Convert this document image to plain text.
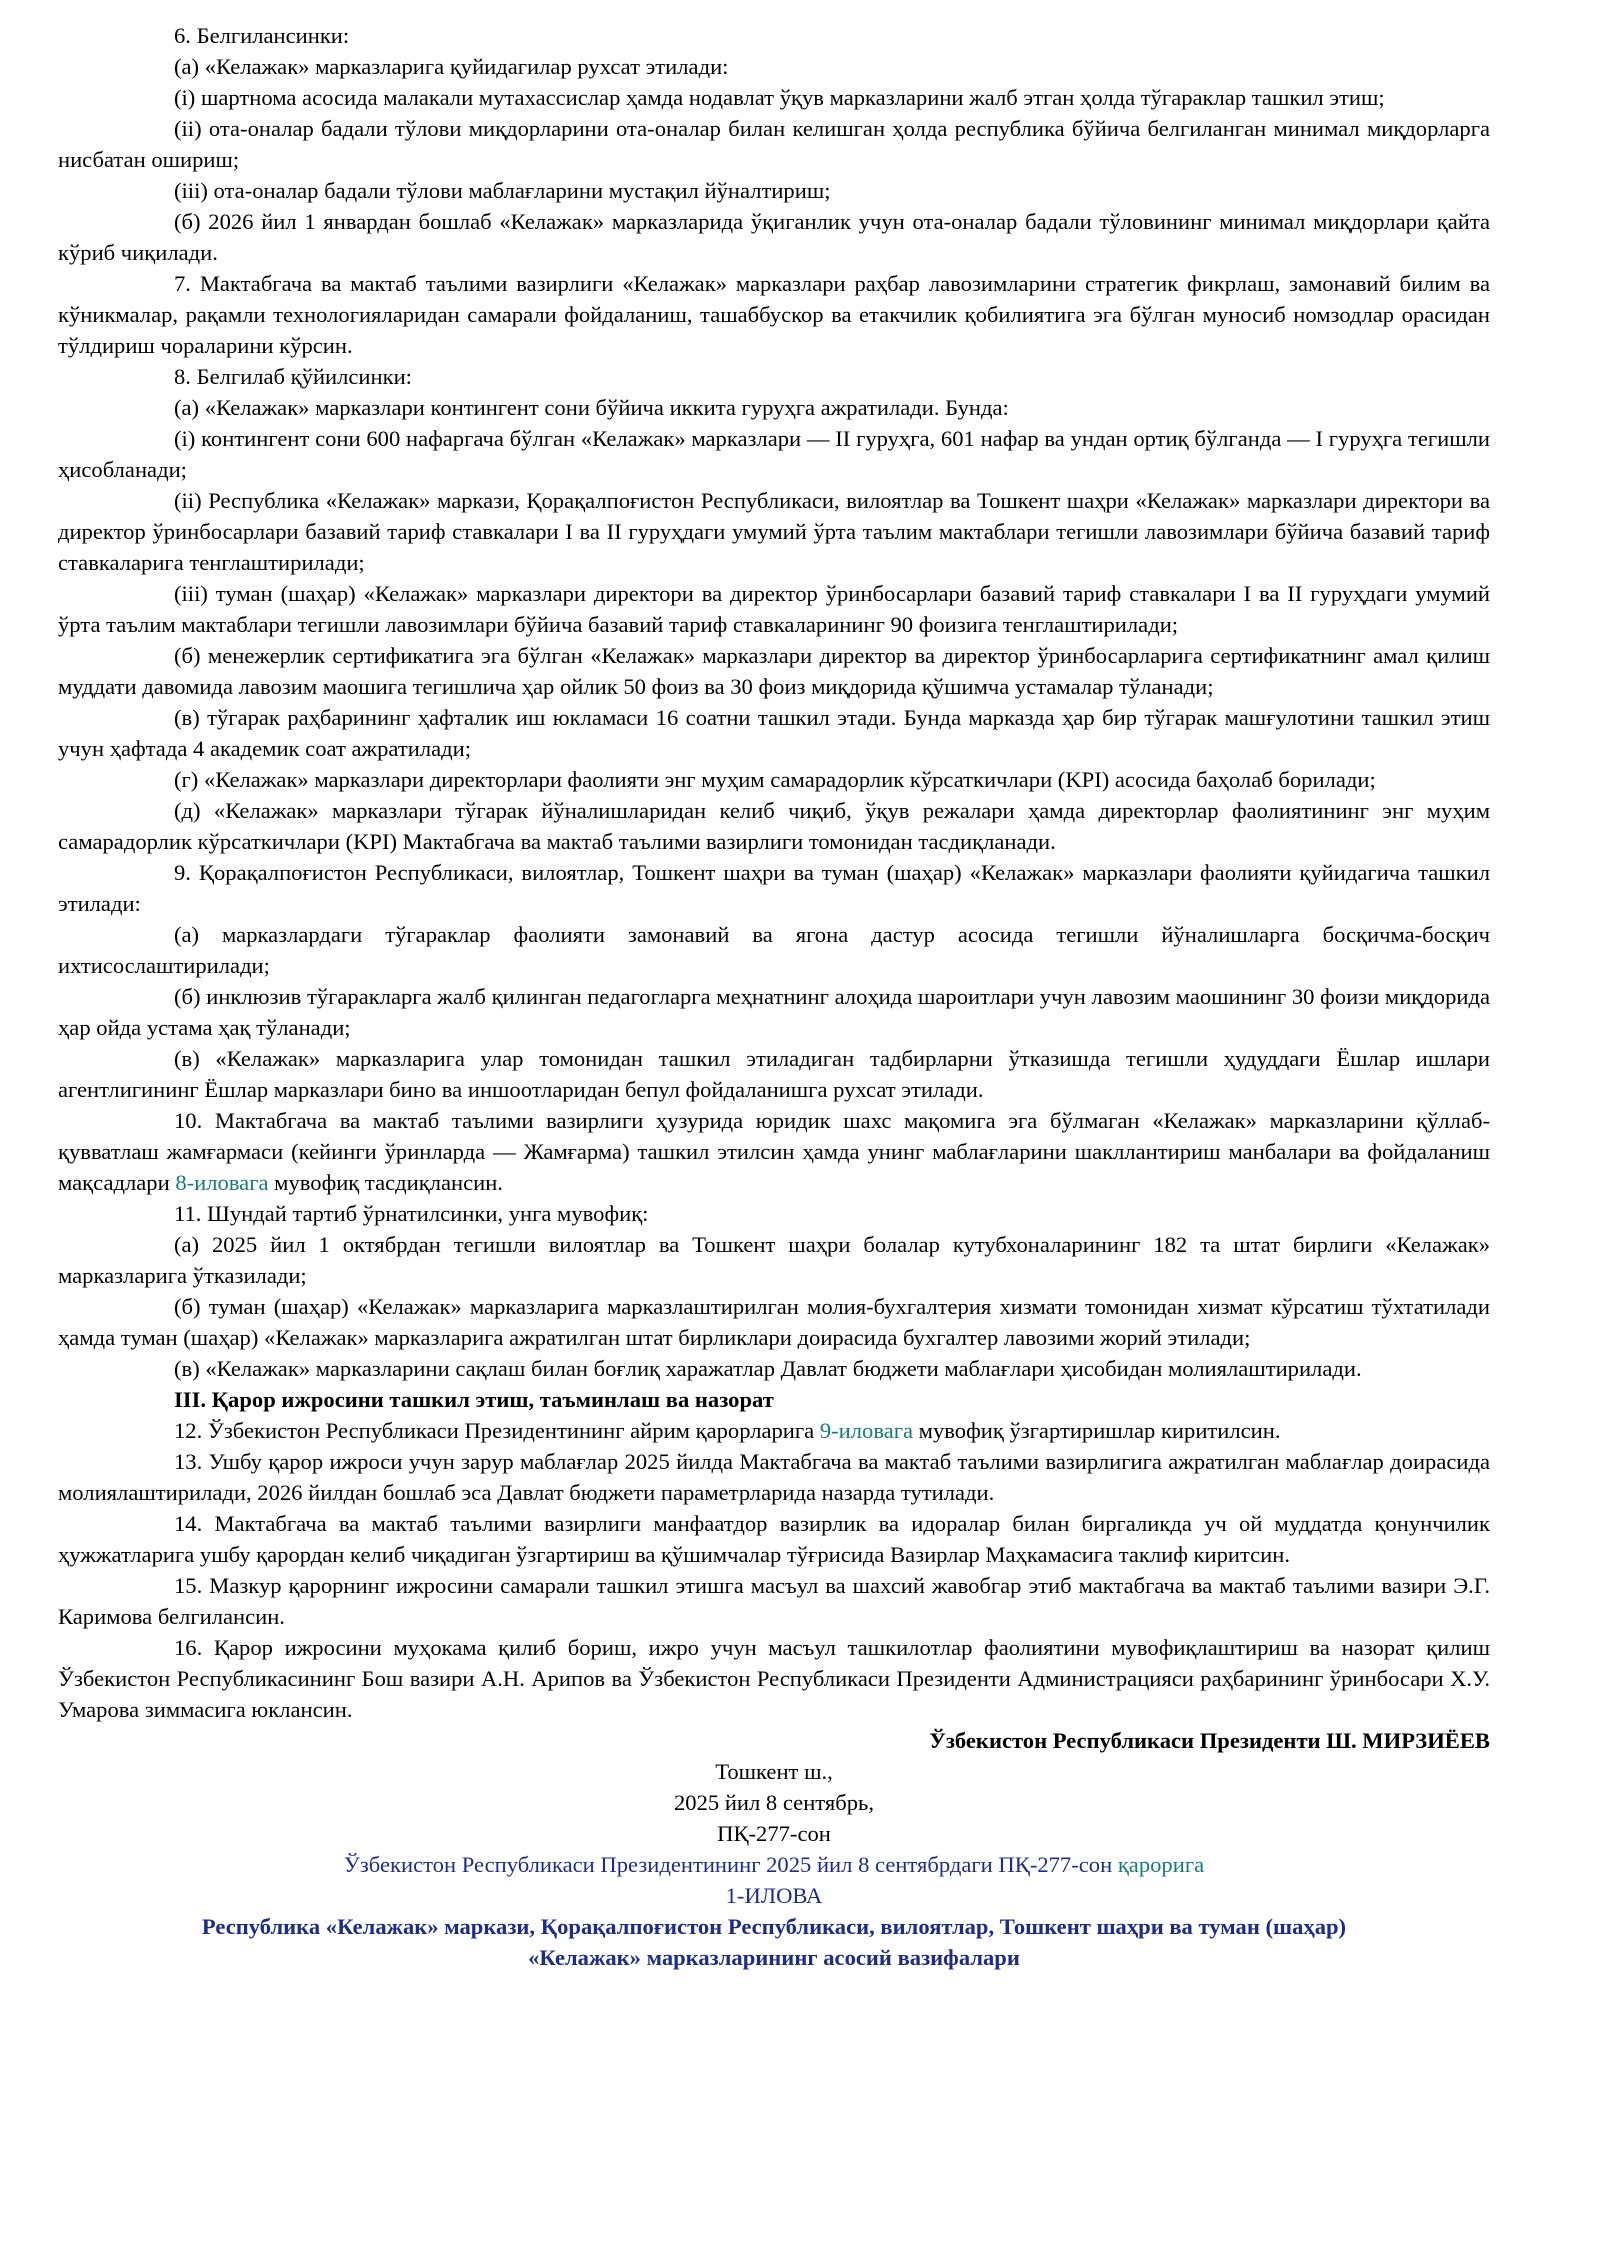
6. Белгилансинки:

(а) «Келажак» марказларига қуйидагилар рухсат этилади:

(i) шартнома асосида малакали мутахассислар ҳамда нодавлат ўқув марказларини жалб этган ҳолда тўгараклар ташкил этиш;

(ii) ота-оналар бадали тўлови миқдорларини ота-оналар билан келишган ҳолда республика бўйича белгиланган минимал миқдорларга нисбатан ошириш;

(iii) ота-оналар бадали тўлови маблағларини мустақил йўналтириш;

(б) 2026 йил 1 январдан бошлаб «Келажак» марказларида ўқиганлик учун ота-оналар бадали тўловининг минимал миқдорлари қайта кўриб чиқилади.

7. Мактабгача ва мактаб таълими вазирлиги «Келажак» марказлари раҳбар лавозимларини стратегик фикрлаш, замонавий билим ва кўникмалар, рақамли технологияларидан самарали фойдаланиш, ташаббускор ва етакчилик қобилиятига эга бўлган муносиб номзодлар орасидан тўлдириш чораларини кўрсин.

8. Белгилаб қўйилсинки:

(а) «Келажак» марказлари контингент сони бўйича иккита гуруҳга ажратилади. Бунда:

(i) контингент сони 600 нафаргача бўлган «Келажак» марказлари — II гуруҳга, 601 нафар ва ундан ортиқ бўлганда — I гуруҳга тегишли ҳисобланади;

(ii) Республика «Келажак» маркази, Қорақалпоғистон Республикаси, вилоятлар ва Тошкент шаҳри «Келажак» марказлари директори ва директор ўринбосарлари базавий тариф ставкалари I ва II гуруҳдаги умумий ўрта таълим мактаблари тегишли лавозимлари бўйича базавий тариф ставкаларига тенглаштирилади;

(iii) туман (шаҳар) «Келажак» марказлари директори ва директор ўринбосарлари базавий тариф ставкалари I ва II гуруҳдаги умумий ўрта таълим мактаблари тегишли лавозимлари бўйича базавий тариф ставкаларининг 90 фоизига тенглаштирилади;

(б) менежерлик сертификатига эга бўлган «Келажак» марказлари директор ва директор ўринбосарларига сертификатнинг амал қилиш муддати давомида лавозим маошига тегишлича ҳар ойлик 50 фоиз ва 30 фоиз миқдорида қўшимча устамалар тўланади;

(в) тўгарак раҳбарининг ҳафталик иш юкламаси 16 соатни ташкил этади. Бунда марказда ҳар бир тўгарак машғулотини ташкил этиш учун ҳафтада 4 академик соат ажратилади;

(г) «Келажак» марказлари директорлари фаолияти энг муҳим самарадорлик кўрсаткичлари (KPI) асосида баҳолаб борилади;

(д) «Келажак» марказлари тўгарак йўналишларидан келиб чиқиб, ўқув режалари ҳамда директорлар фаолиятининг энг муҳим самарадорлик кўрсаткичлари (KPI) Мактабгача ва мактаб таълими вазирлиги томонидан тасдиқланади.

9. Қорақалпоғистон Республикаси, вилоятлар, Тошкент шаҳри ва туман (шаҳар) «Келажак» марказлари фаолияти қуйидагича ташкил этилади:

(а) марказлардаги тўгараклар фаолияти замонавий ва ягона дастур асосида тегишли йўналишларга босқичма-босқич ихтисослаштирилади;

(б) инклюзив тўгаракларга жалб қилинган педагогларга меҳнатнинг алоҳида шароитлари учун лавозим маошининг 30 фоизи миқдорида ҳар ойда устама ҳақ тўланади;

(в) «Келажак» марказларига улар томонидан ташкил этиладиган тадбирларни ўтказишда тегишли ҳудуддаги Ёшлар ишлари агентлигининг Ёшлар марказлари бино ва иншоотларидан бепул фойдаланишга рухсат этилади.

10. Мактабгача ва мактаб таълими вазирлиги ҳузурида юридик шахс мақомига эга бўлмаган «Келажак» марказларини қўллаб-қувватлаш жамғармаси (кейинги ўринларда — Жамғарма) ташкил этилсин ҳамда унинг маблағларини шакллантириш манбалари ва фойдаланиш мақсадлари 8-иловага мувофиқ тасдиқлансин.

11. Шундай тартиб ўрнатилсинки, унга мувофиқ:

(а) 2025 йил 1 октябрдан тегишли вилоятлар ва Тошкент шаҳри болалар кутубхоналарининг 182 та штат бирлиги «Келажак» марказларига ўтказилади;

(б) туман (шаҳар) «Келажак» марказларига марказлаштирилган молия-бухгалтерия хизмати томонидан хизмат кўрсатиш тўхтатилади ҳамда туман (шаҳар) «Келажак» марказларига ажратилган штат бирликлари доирасида бухгалтер лавозими жорий этилади;

(в) «Келажак» марказларини сақлаш билан боғлиқ харажатлар Давлат бюджети маблағлари ҳисобидан молиялаштирилади.

III. Қарор ижросини ташкил этиш, таъминлаш ва назорат

12. Ўзбекистон Республикаси Президентининг айрим қарорларига 9-иловага мувофиқ ўзгартиришлар киритилсин.

13. Ушбу қарор ижроси учун зарур маблағлар 2025 йилда Мактабгача ва мактаб таълими вазирлигига ажратилган маблағлар доирасида молиялаштирилади, 2026 йилдан бошлаб эса Давлат бюджети параметрларида назарда тутилади.

14. Мактабгача ва мактаб таълими вазирлиги манфаатдор вазирлик ва идоралар билан биргаликда уч ой муддатда қонунчилик ҳужжатларига ушбу қарордан келиб чиқадиган ўзгартириш ва қўшимчалар тўғрисида Вазирлар Маҳкамасига таклиф киритсин.

15. Мазкур қарорнинг ижросини самарали ташкил этишга масъул ва шахсий жавобгар этиб мактабгача ва мактаб таълими вазири Э.Г. Каримова белгилансин.

16. Қарор ижросини муҳокама қилиб бориш, ижро учун масъул ташкилотлар фаолиятини мувофиқлаштириш ва назорат қилиш Ўзбекистон Республикасининг Бош вазири А.Н. Арипов ва Ўзбекистон Республикаси Президенти Администрацияси раҳбарининг ўринбосари Х.У. Умарова зиммасига юклансин.

Ўзбекистон Республикаси Президенти Ш. МИРЗИЁЕВ

Тошкент ш.,

2025 йил 8 сентябрь,

ПҚ-277-сон

Ўзбекистон Республикаси Президентининг 2025 йил 8 сентябрдаги ПҚ-277-сон қарорига

1-ИЛОВА

Республика «Келажак» маркази, Қорақалпоғистон Республикаси, вилоятлар, Тошкент шаҳри ва туман (шаҳар)

«Келажак» марказларининг асосий вазифалари
